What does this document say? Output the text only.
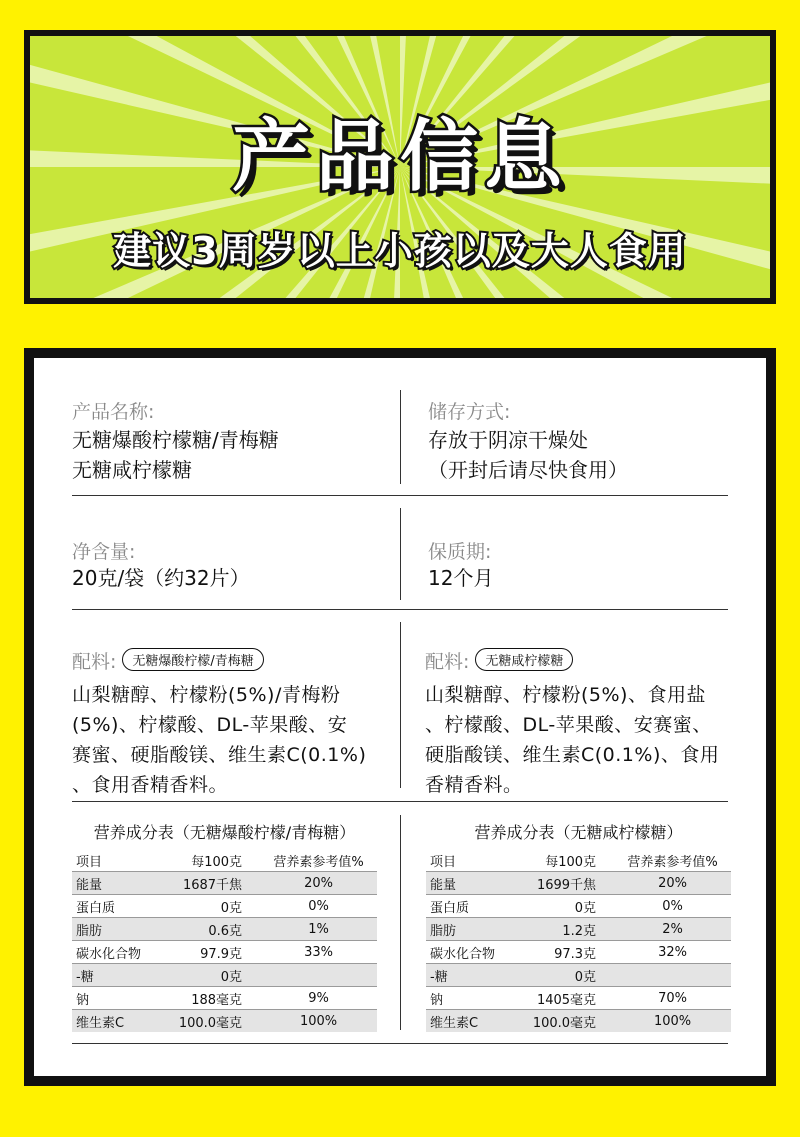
产品信息
建议3周岁以上小孩以及大人食用
产品名称:
无糖爆酸柠檬糖/青梅糖
无糖咸柠檬糖
储存方式:
存放于阴凉干燥处
（开封后请尽快食用）
净含量:
20克/袋（约32片）
保质期:
12个月
配料: 无糖爆酸柠檬/青梅糖
山梨糖醇、柠檬粉(5%)/青梅粉
(5%)、柠檬酸、DL-苹果酸、安
赛蜜、硬脂酸镁、维生素C(0.1%)
、食用香精香料。
配料: 无糖咸柠檬糖
山梨糖醇、柠檬粉(5%)、食用盐
、柠檬酸、DL-苹果酸、安赛蜜、
硬脂酸镁、维生素C(0.1%)、食用
香精香料。
营养成分表（无糖爆酸柠檬/青梅糖）
项目	每100克	营养素参考值%
能量	1687千焦	20%
蛋白质	0克	0%
脂肪	0.6克	1%
碳水化合物	97.9克	33%
-糖	0克	
钠	188毫克	9%
维生素C	100.0毫克	100%
营养成分表（无糖咸柠檬糖）
项目	每100克	营养素参考值%
能量	1699千焦	20%
蛋白质	0克	0%
脂肪	1.2克	2%
碳水化合物	97.3克	32%
-糖	0克	
钠	1405毫克	70%
维生素C	100.0毫克	100%
